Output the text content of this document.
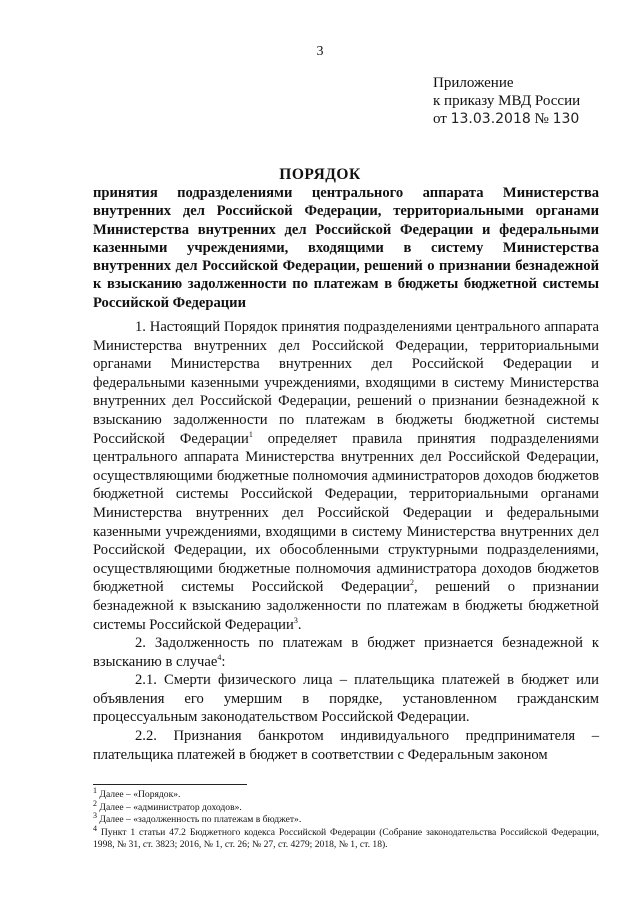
3
Приложение
к приказу МВД России
от 13.03.2018 № 130
ПОРЯДОК
принятия подразделениями центрального аппарата Министерства внутренних дел Российской Федерации, территориальными органами Министерства внутренних дел Российской Федерации и федеральными казенными учреждениями, входящими в систему Министерства внутренних дел Российской Федерации, решений о признании безнадежной к взысканию задолженности по платежам в бюджеты бюджетной системы Российской Федерации

1. Настоящий Порядок принятия подразделениями центрального аппарата Министерства внутренних дел Российской Федерации, территориальными органами Министерства внутренних дел Российской Федерации и федеральными казенными учреждениями, входящими в систему Министерства внутренних дел Российской Федерации, решений о признании безнадежной к взысканию задолженности по платежам в бюджеты бюджетной системы Российской Федерации$^1$ определяет правила принятия подразделениями центрального аппарата Министерства внутренних дел Российской Федерации, осуществляющими бюджетные полномочия администраторов доходов бюджетов бюджетной системы Российской Федерации, территориальными органами Министерства внутренних дел Российской Федерации и федеральными казенными учреждениями, входящими в систему Министерства внутренних дел Российской Федерации, их обособленными структурными подразделениями, осуществляющими бюджетные полномочия администратора доходов бюджетов бюджетной системы Российской Федерации$^2$, решений о признании безнадежной к взысканию задолженности по платежам в бюджеты бюджетной системы Российской Федерации$^3$.

2. Задолженность по платежам в бюджет признается безнадежной к взысканию в случае$^4$:

2.1. Смерти физического лица – плательщика платежей в бюджет или объявления его умершим в порядке, установленном гражданским процессуальным законодательством Российской Федерации.

2.2. Признания банкротом индивидуального предпринимателя – плательщика платежей в бюджет в соответствии с Федеральным законом

$^1$ Далее – «Порядок».
$^2$ Далее – «администратор доходов».
$^3$ Далее – «задолженность по платежам в бюджет».
$^4$ Пункт 1 статьи 47.2 Бюджетного кодекса Российской Федерации (Собрание законодательства Российской Федерации, 1998, № 31, ст. 3823; 2016, № 1, ст. 26; № 27, ст. 4279; 2018, № 1, ст. 18).
